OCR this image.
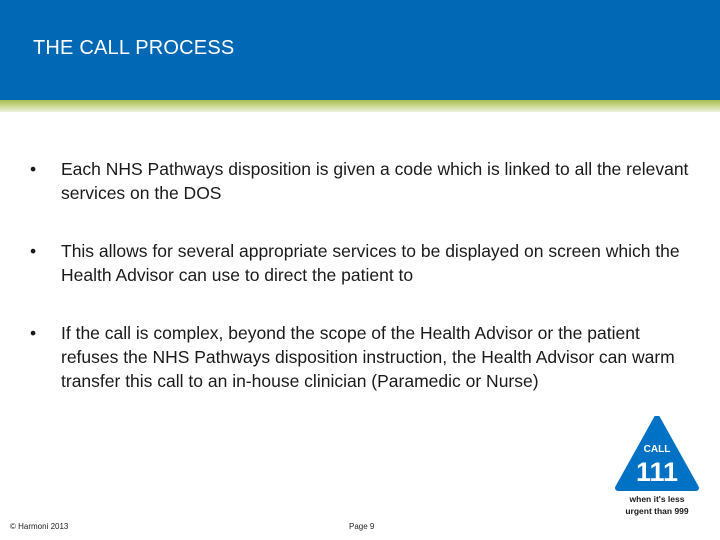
THE CALL PROCESS
• Each NHS Pathways disposition is given a code which is linked to all the relevant services on the DOS
• This allows for several appropriate services to be displayed on screen which the Health Advisor can use to direct the patient to
• If the call is complex, beyond the scope of the Health Advisor or the patient refuses the NHS Pathways disposition instruction, the Health Advisor can warm transfer this call to an in-house clinician (Paramedic or Nurse)
CALL
111
when it's less
urgent than 999
© Harmoni 2013	Page 9
